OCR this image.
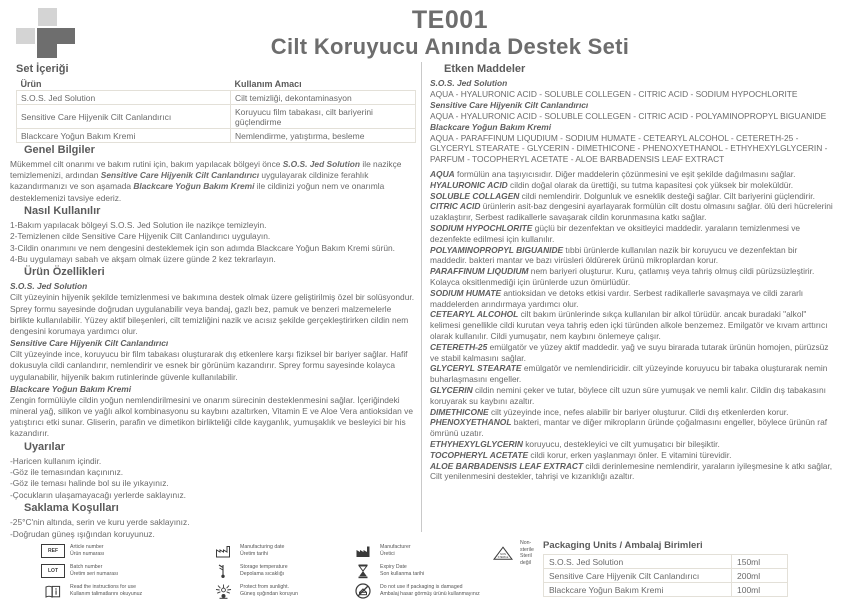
TE001
Cilt Koruyucu Anında Destek Seti
Set İçeriği
Ürün	Kullanım Amacı
S.O.S. Jed Solution	Cilt temizliği, dekontaminasyon
Sensitive Care Hijyenik Cilt Canlandırıcı	Koruyucu film tabakası, cilt bariyerini güçlendirme
Blackcare Yoğun Bakım Kremi	Nemlendirme, yatıştırma, besleme
Genel Bilgiler

Mükemmel cilt onarımı ve bakım rutini için, bakım yapılacak bölgeyi önce S.O.S. Jed Solution ile nazikçe temizlemenizi, ardından Sensitive Care Hijyenik Cilt Canlandırıcı uygulayarak cildinize ferahlık kazandırmanızı ve son aşamada Blackcare Yoğun Bakım Kremi ile cildinizi yoğun nem ve onarımla desteklemenizi tavsiye ederiz.

Nasıl Kullanılır
1-Bakım yapılacak bölgeyi S.O.S. Jed Solution ile nazikçe temizleyin.
2-Temizlenen cilde Sensitive Care Hijyenik Cilt Canlandırıcı uygulayın.
3-Cildin onarımını ve nem dengesini desteklemek için son adımda Blackcare Yoğun Bakım Kremi sürün.
4-Bu uygulamayı sabah ve akşam olmak üzere günde 2 kez tekrarlayın.
Ürün Özellikleri
S.O.S. Jed Solution

Cilt yüzeyinin hijyenik şekilde temizlenmesi ve bakımına destek olmak üzere geliştirilmiş özel bir solüsyondur. Sprey formu sayesinde doğrudan uygulanabilir veya bandaj, gazlı bez, pamuk ve benzeri malzemelerle birlikte kullanılabilir. Yüzey aktif bileşenleri, cilt temizliğini nazik ve acısız şekilde gerçekleştirirken cildin nem dengesini korumaya yardımcı olur.

Sensitive Care Hijyenik Cilt Canlandırıcı

Cilt yüzeyinde ince, koruyucu bir film tabakası oluşturarak dış etkenlere karşı fiziksel bir bariyer sağlar. Hafif dokusuyla cildi canlandırır, nemlendirir ve esnek bir görünüm kazandırır. Sprey formu sayesinde kolayca uygulanabilir, hijyenik bakım rutinlerinde güvenle kullanılabilir.

Blackcare Yoğun Bakım Kremi

Zengin formülüyle cildin yoğun nemlendirilmesini ve onarım sürecinin desteklenmesini sağlar. İçeriğindeki mineral yağ, silikon ve yağlı alkol kombinasyonu su kaybını azaltırken, Vitamin E ve Aloe Vera antioksidan ve yatıştırıcı etki sunar. Gliserin, parafin ve dimetikon birlikteliği cilde kayganlık, yumuşaklık ve besleyici bir his kazandırır.

Uyarılar
-Haricen kullanım içindir.
-Göz ile temasından kaçınınız.
-Göz ile teması halinde bol su ile yıkayınız.
-Çocukların ulaşamayacağı yerlerde saklayınız.
Saklama Koşulları
-25°C'nin altında, serin ve kuru yerde saklayınız.
-Doğrudan güneş ışığından koruyunuz.
Etken Maddeler
S.O.S. Jed Solution
AQUA - HYALURONIC ACID - SOLUBLE COLLEGEN - CITRIC ACID - SODIUM HYPOCHLORITE
Sensitive Care Hijyenik Cilt Canlandırıcı
AQUA - HYALURONIC ACID - SOLUBLE COLLEGEN - CITRIC ACID - POLYAMINOPROPYL BIGUANIDE
Blackcare Yoğun Bakım Kremi
AQUA - PARAFFINUM LIQUDIUM - SODIUM HUMATE - CETEARYL ALCOHOL - CETERETH-25 - GLYCERYL STEARATE - GLYCERIN - DIMETHICONE - PHENOXYETHANOL - ETHYHEXYLGLYCERIN - PARFUM - TOCOPHERYL ACETATE - ALOE BARBADENSIS LEAF EXTRACT
AQUA formülün ana taşıyıcısıdır. Diğer maddelerin çözünmesini ve eşit şekilde dağılmasını sağlar.
HYALURONIC ACID cildin doğal olarak da ürettiği, su tutma kapasitesi çok yüksek bir moleküldür.
SOLUBLE COLLAGEN cildi nemlendirir. Dolgunluk ve esneklik desteği sağlar. Cilt bariyerini güçlendirir.
CITRIC ACID ürünlerin asit-baz dengesini ayarlayarak formülün cilt dostu olmasını sağlar. ölü deri hücrelerini uzaklaştırır, Serbest radikallerle savaşarak cildin korunmasına katkı sağlar.
SODIUM HYPOCHLORITE güçlü bir dezenfektan ve oksitleyici maddedir. yaraların temizlenmesi ve dezenfekte edilmesi için kullanılır.
POLYAMINOPROPYL BIGUANIDE tıbbi ürünlerde kullanılan nazik bir koruyucu ve dezenfektan bir maddedir. bakteri mantar ve bazı virüsleri öldürerek ürünü mikroplardan korur.
PARAFFINUM LIQUDIUM nem bariyeri oluşturur. Kuru, çatlamış veya tahriş olmuş cildi pürüzsüzleştirir. Kolayca oksitlenmediği için ürünlerde uzun ömürlüdür.
SODIUM HUMATE antioksidan ve detoks etkisi vardır. Serbest radikallerle savaşmaya ve cildi zararlı maddelerden arındırmaya yardımcı olur.
CETEARYL ALCOHOL cilt bakım ürünlerinde sıkça kullanılan bir alkol türüdür. ancak buradaki "alkol" kelimesi genellikle cildi kurutan veya tahriş eden içki türünden alkole benzemez. Emilgatör ve kıvam arttırıcı olarak kullanılır. Cildi yumuşatır, nem kaybını önlemeye çalışır.
CETERETH-25 emülgatör ve yüzey aktif maddedir. yağ ve suyu birarada tutarak ürünün homojen, pürüzsüz ve stabil kalmasını sağlar.
GLYCERYL STEARATE emülgatör ve nemlendiricidir. cilt yüzeyinde koruyucu bir tabaka oluşturarak nemin buharlaşmasını engeller.
GLYCERIN cildin nemini çeker ve tutar, böylece cilt uzun süre yumuşak ve nemli kalır. Cildin dış tabakasını koruyarak su kaybını azaltır.
DIMETHICONE cilt yüzeyinde ince, nefes alabilir bir bariyer oluşturur. Cildi dış etkenlerden korur.
PHENOXYETHANOL bakteri, mantar ve diğer mikropların üründe çoğalmasını engeller, böylece ürünün raf ömrünü uzatır.
ETHYHEXYLGLYCERIN koruyucu, destekleyici ve cilt yumuşatıcı bir bileşiktir.
TOCOPHERYL ACETATE cildi korur, erken yaşlanmayı önler. E vitamini türevidir.
ALOE BARBADENSIS LEAF EXTRACT cildi derinlemesine nemlendirir, yaraların iyileşmesine k atkı sağlar, Cilt yenilenmesini destekler, tahrişi ve kızarıklığı azaltır.
REF
Article number
Ürün numarası
LOT
Batch number
Üretim seri numarası
Read the instructions for use
Kullanım talimatlarını okuyunuz
Manufacturing date
Üretim tarihi
Storage temperature
Depolama sıcaklığı
Protect from sunlight.
Güneş ışığından koruyun
Manufacturer
Üretici
Expiry Date
Son kullanma tarihi
Do not use if packaging is damaged
Ambalaj hasar görmüş ürünü kullanmayınız
NON
STERILE
Non-sterile
Steril değil
Packaging Units / Ambalaj Birimleri
S.O.S. Jed Solution	150ml
Sensitive Care Hijyenik Cilt Canlandırıcı	200ml
Blackcare Yoğun Bakım Kremi	100ml
